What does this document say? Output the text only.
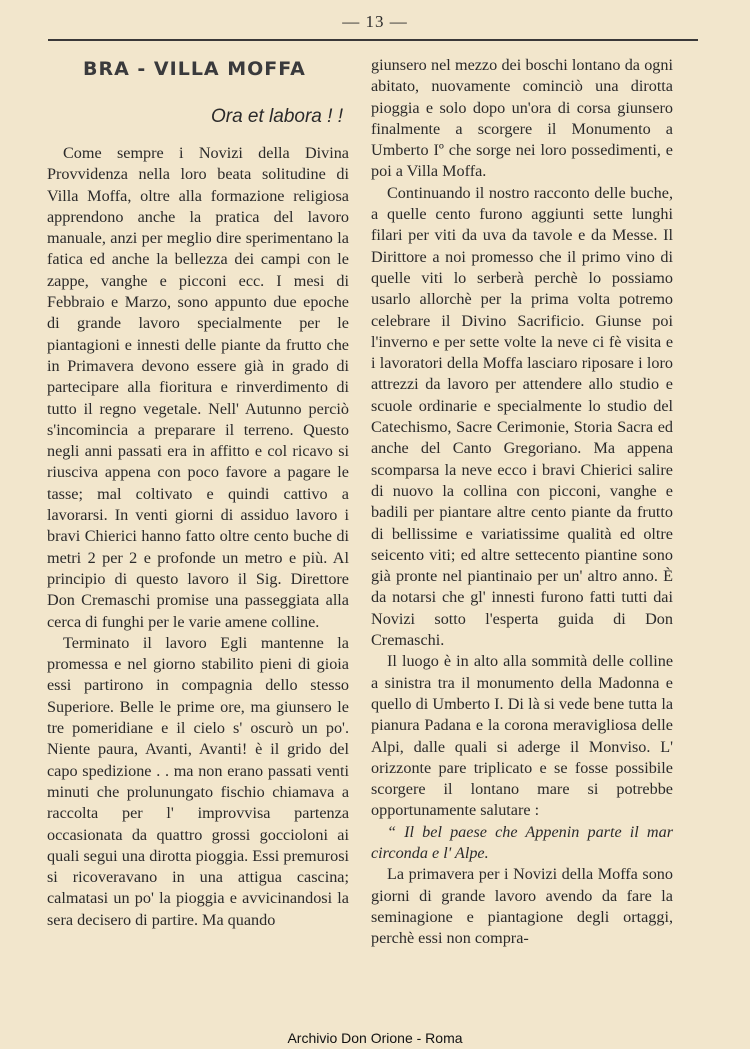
— 13 —
BRA - VILLA MOFFA
Ora et labora ! !

Come sempre i Novizi della Divina Provvidenza nella loro beata solitudine di Villa Moffa, oltre alla formazione religiosa apprendono anche la pratica del lavoro manuale, anzi per meglio dire sperimentano la fatica ed anche la bellezza dei campi con le zappe, vanghe e picconi ecc. I mesi di Febbraio e Marzo, sono appunto due epoche di grande lavoro specialmente per le piantagioni e innesti delle piante da frutto che in Primavera devono essere già in grado di partecipare alla fioritura e rinverdimento di tutto il regno vegetale. Nell' Autunno perciò s'incomincia a preparare il terreno. Questo negli anni passati era in affitto e col ricavo si riusciva appena con poco favore a pagare le tasse; mal coltivato e quindi cattivo a lavorarsi. In venti giorni di assiduo lavoro i bravi Chierici hanno fatto oltre cento buche di metri 2 per 2 e profonde un metro e più. Al principio di questo lavoro il Sig. Direttore Don Cremaschi promise una passeggiata alla cerca di funghi per le varie amene colline.

Terminato il lavoro Egli mantenne la promessa e nel giorno stabilito pieni di gioia essi partirono in compagnia dello stesso Superiore. Belle le prime ore, ma giunsero le tre pomeridiane e il cielo s' oscurò un po'. Niente paura, Avanti, Avanti! è il grido del capo spedizione . . ma non erano passati venti minuti che prolunungato fischio chiamava a raccolta per l' improvvisa partenza occasionata da quattro grossi goccioloni ai quali segui una dirotta pioggia. Essi premurosi si ricoveravano in una attigua cascina; calmatasi un po' la pioggia e avvicinandosi la sera decisero di partire. Ma quando

giunsero nel mezzo dei boschi lontano da ogni abitato, nuovamente cominciò una dirotta pioggia e solo dopo un'ora di corsa giunsero finalmente a scorgere il Monumento a Umberto Iº che sorge nei loro possedimenti, e poi a Villa Moffa.

Continuando il nostro racconto delle buche, a quelle cento furono aggiunti sette lunghi filari per viti da uva da tavole e da Messe. Il Dirittore a noi promesso che il primo vino di quelle viti lo serberà perchè lo possiamo usarlo allorchè per la prima volta potremo celebrare il Divino Sacrificio. Giunse poi l'inverno e per sette volte la neve ci fè visita e i lavoratori della Moffa lasciaro riposare i loro attrezzi da lavoro per attendere allo studio e scuole ordinarie e specialmente lo studio del Catechismo, Sacre Cerimonie, Storia Sacra ed anche del Canto Gregoriano. Ma appena scomparsa la neve ecco i bravi Chierici salire di nuovo la collina con picconi, vanghe e badili per piantare altre cento piante da frutto di bellissime e variatissime qualità ed oltre seicento viti; ed altre settecento piantine sono già pronte nel piantinaio per un' altro anno. È da notarsi che gl' innesti furono fatti tutti dai Novizi sotto l'esperta guida di Don Cremaschi.

Il luogo è in alto alla sommità delle colline a sinistra tra il monumento della Madonna e quello di Umberto I. Di là si vede bene tutta la pianura Padana e la corona meravigliosa delle Alpi, dalle quali si aderge il Monviso. L' orizzonte pare triplicato e se fosse possibile scorgere il lontano mare si potrebbe opportunamente salutare :

“ Il bel paese che Appenin parte il mar circonda e l' Alpe.

La primavera per i Novizi della Moffa sono giorni di grande lavoro avendo da fare la seminagione e piantagione degli ortaggi, perchè essi non compra-

Archivio Don Orione - Roma
